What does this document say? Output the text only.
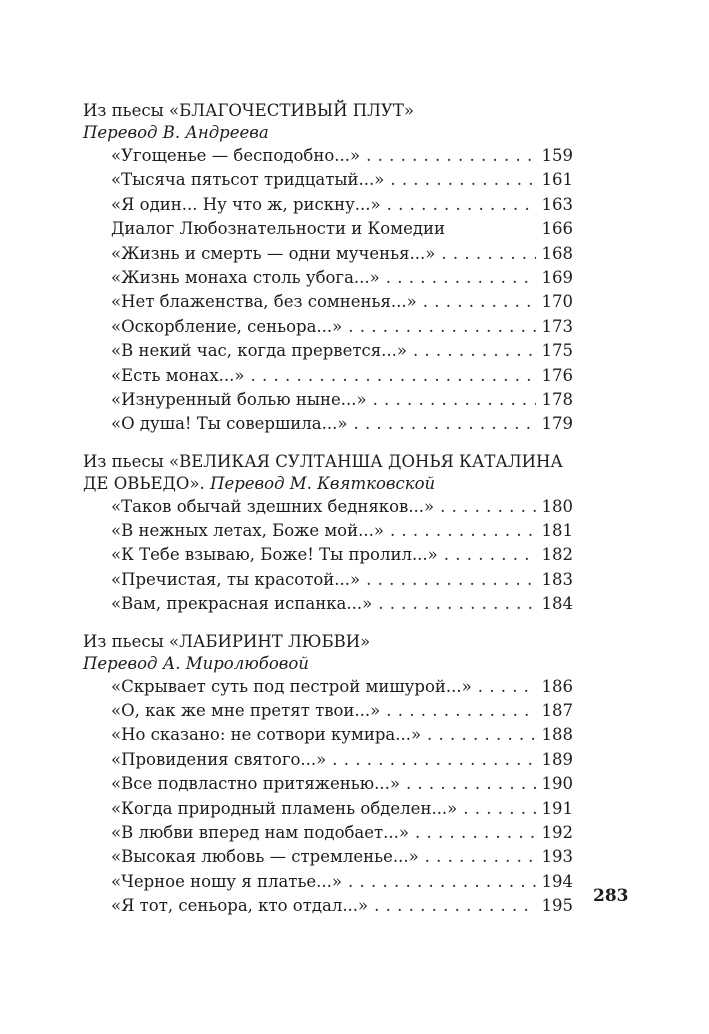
Из пьесы «БЛАГОЧЕСТИВЫЙ ПЛУТ»
Перевод В. Андреева
«Угощенье — бесподобно...» . . .	159
«Тысяча пятьсот тридцатый...» . . .	161
«Я один... Ну что ж, рискну...» . . .	163
Диалог Любознательности и Комедии	166
«Жизнь и смерть — одни мученья...» . . .	168
«Жизнь монаха столь убога...» . . .	169
«Нет блаженства, без сомненья...» . . .	170
«Оскорбление, сеньора...» . . .	173
«В некий час, когда прервется...» . . .	175
«Есть монах...» . . .	176
«Изнуренный болью ныне...» . . .	178
«О душа! Ты совершила...» . . .	179
Из пьесы «ВЕЛИКАЯ СУЛТАНША ДОНЬЯ КАТАЛИНА
ДЕ ОВЬЕДО». Перевод М. Квятковской
«Таков обычай здешних бедняков...» . . .	180
«В нежных летах, Боже мой...» . . .	181
«К Тебе взываю, Боже! Ты пролил...» . . .	182
«Пречистая, ты красотой...» . . .	183
«Вам, прекрасная испанка...» . . .	184
Из пьесы «ЛАБИРИНТ ЛЮБВИ»
Перевод А. Миролюбовой
«Скрывает суть под пестрой мишурой...» . . .	186
«О, как же мне претят твои...» . . .	187
«Но сказано: не сотвори кумира...» . . .	188
«Провидения святого...» . . .	189
«Все подвластно притяженью...» . . .	190
«Когда природный пламень обделен...» . . .	191
«В любви вперед нам подобает...» . . .	192
«Высокая любовь — стремленье...» . . .	193
«Черное ношу я платье...» . . .	194
«Я тот, сеньора, кто отдал...» . . .	195 283
